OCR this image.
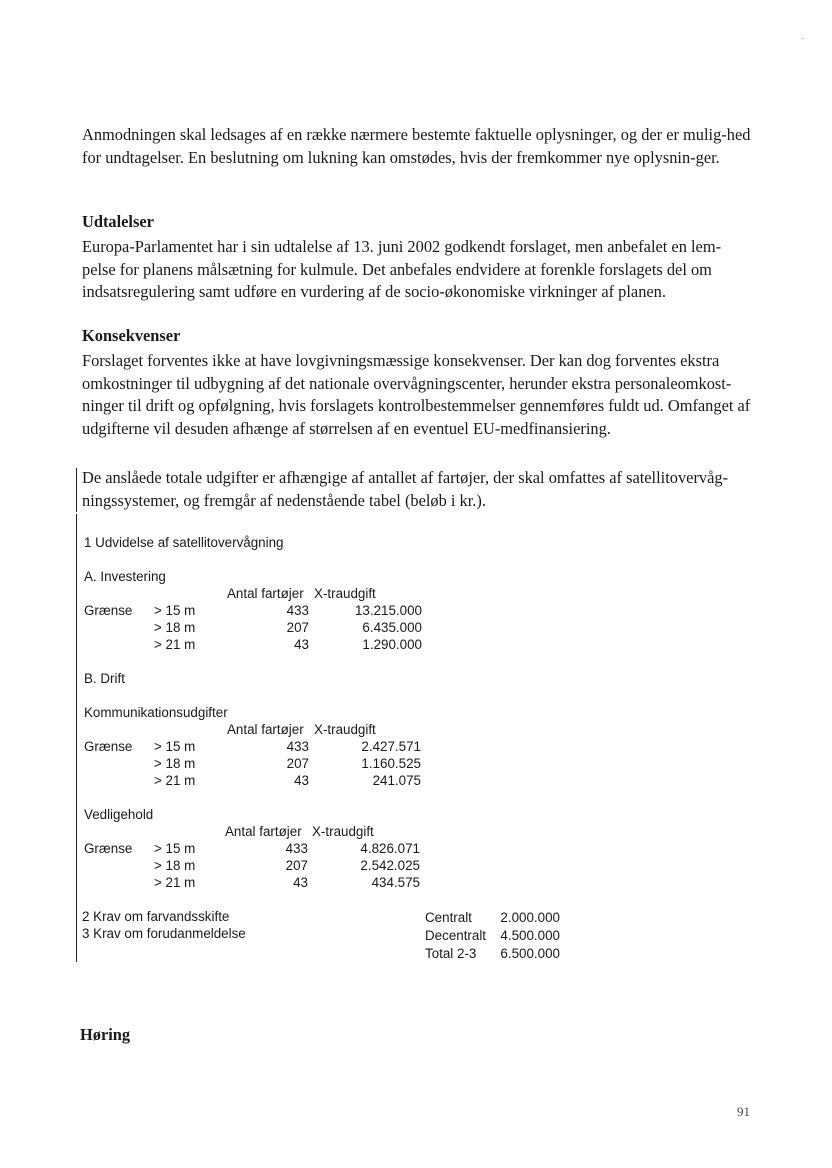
Anmodningen skal ledsages af en række nærmere bestemte faktuelle oplysninger, og der er mulig-hed for undtagelser. En beslutning om lukning kan omstødes, hvis der fremkommer nye oplysnin-ger.

Udtalelser

Europa-Parlamentet har i sin udtalelse af 13. juni 2002 godkendt forslaget, men anbefalet en lem-pelse for planens målsætning for kulmule. Det anbefales endvidere at forenkle forslagets del om indsatsregulering samt udføre en vurdering af de socio-økonomiske virkninger af planen.

Konsekvenser

Forslaget forventes ikke at have lovgivningsmæssige konsekvenser. Der kan dog forventes ekstra omkostninger til udbygning af det nationale overvågningscenter, herunder ekstra personaleomkost-ninger til drift og opfølgning, hvis forslagets kontrolbestemmelser gennemføres fuldt ud. Omfanget af udgifterne vil desuden afhænge af størrelsen af en eventuel EU-medfinansiering.

De anslåede totale udgifter er afhængige af antallet af fartøjer, der skal omfattes af satellitovervåg-ningssystemer, og fremgår af nedenstående tabel (beløb i kr.).

1 Udvidelse af satellitovervågning
A. Investering
Antal fartøjer X-traudgift
Grænse > 15 m	433	13.215.000
> 18 m	207	6.435.000
> 21 m	43	1.290.000
B. Drift
Kommunikationsudgifter
Antal fartøjer X-traudgift
Grænse > 15 m	433	2.427.571
> 18 m	207	1.160.525
> 21 m	43	241.075
Vedligehold
Antal fartøjer X-traudgift
Grænse > 15 m	433	4.826.071
> 18 m	207	2.542.025
> 21 m	43	434.575
2 Krav om farvandsskifte
3 Krav om forudanmeldelse
Centralt	2.000.000
Decentralt	4.500.000
Total 2-3	6.500.000
Høring
91
